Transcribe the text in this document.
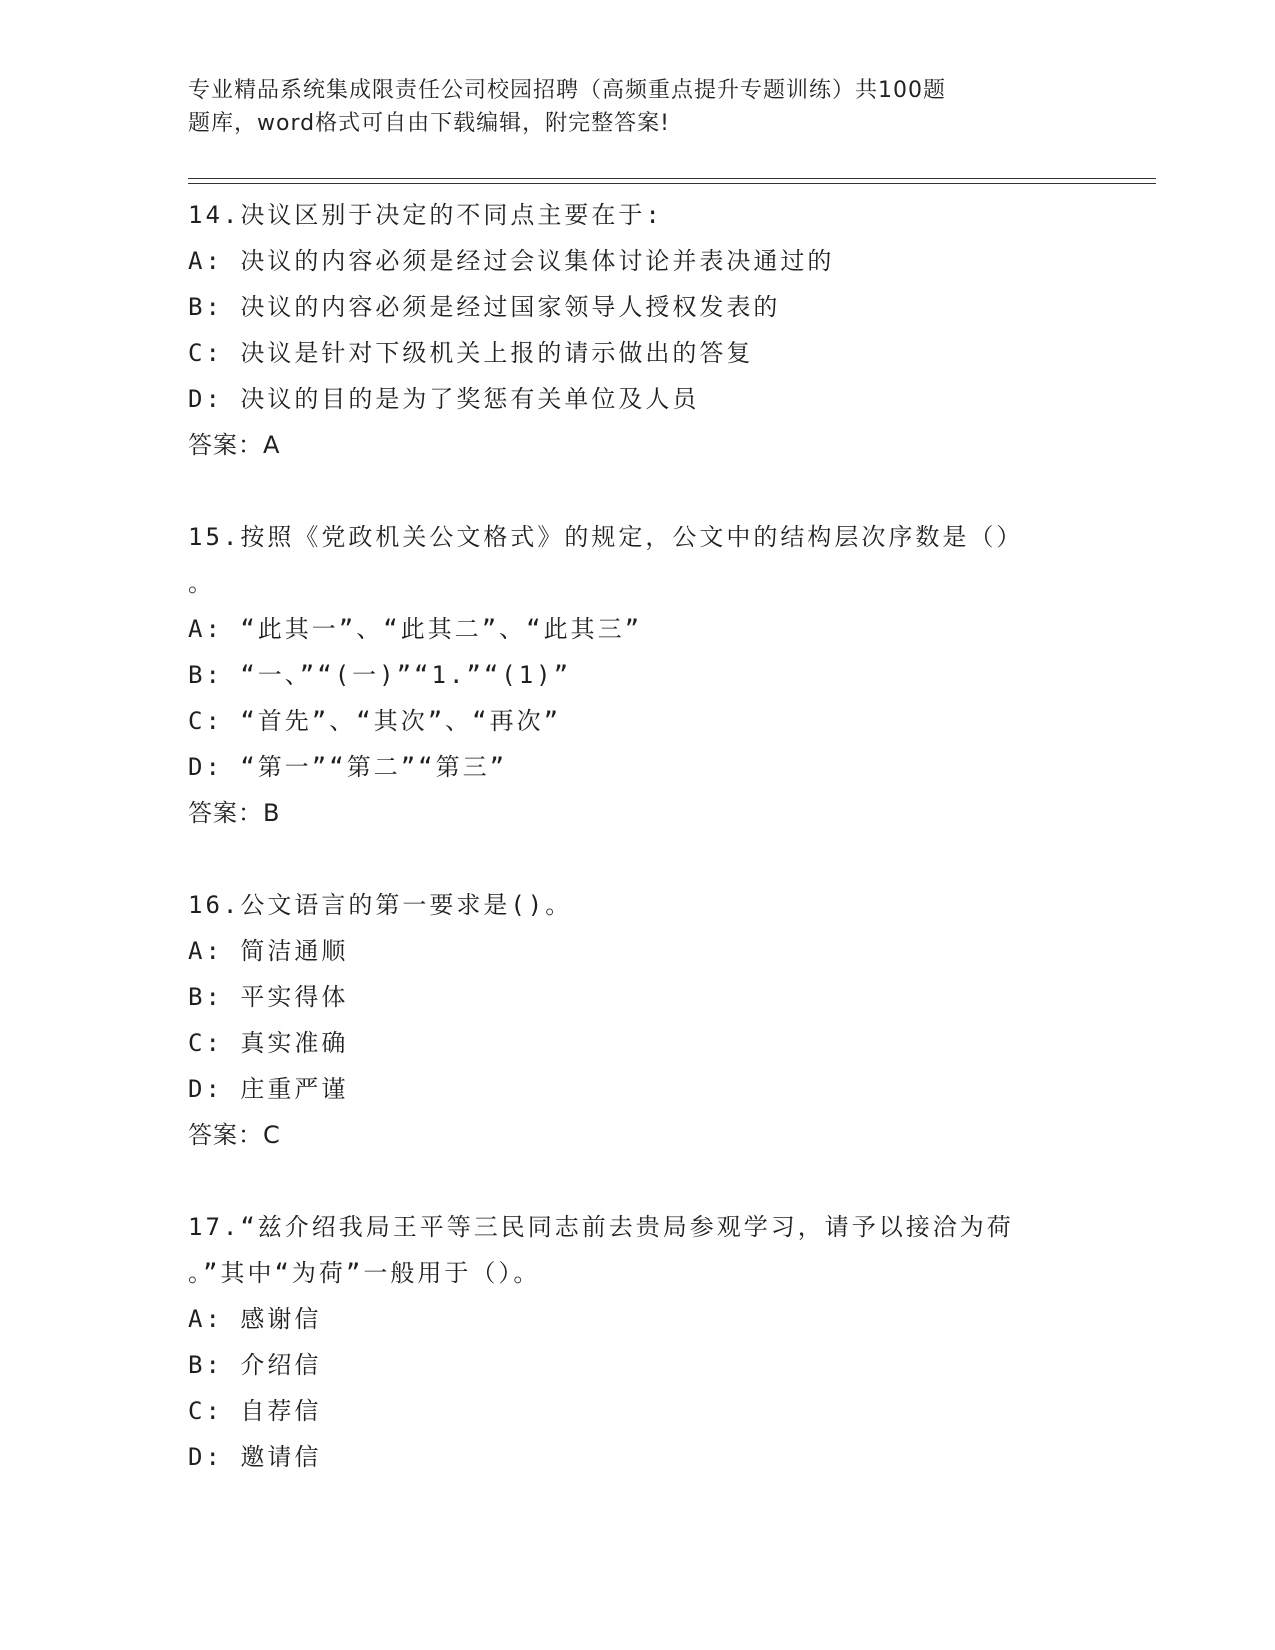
专业精品系统集成限责任公司校园招聘（高频重点提升专题训练）共100题
题库，word格式可自由下载编辑，附完整答案!
14.决议区别于决定的不同点主要在于:
A: 决议的内容必须是经过会议集体讨论并表决通过的
B: 决议的内容必须是经过国家领导人授权发表的
C: 决议是针对下级机关上报的请示做出的答复
D: 决议的目的是为了奖惩有关单位及人员
答案：A
15.按照《党政机关公文格式》的规定，公文中的结构层次序数是（）
。
A: “此其一”、“此其二”、“此其三”
B: “一、”“(一)”“1.”“(1)”
C: “首先”、“其次”、“再次”
D: “第一”“第二”“第三”
答案：B
16.公文语言的第一要求是()。
A: 简洁通顺
B: 平实得体
C: 真实准确
D: 庄重严谨
答案：C
17.“兹介绍我局王平等三民同志前去贵局参观学习，请予以接洽为荷
。”其中“为荷”一般用于（）。
A: 感谢信
B: 介绍信
C: 自荐信
D: 邀请信
